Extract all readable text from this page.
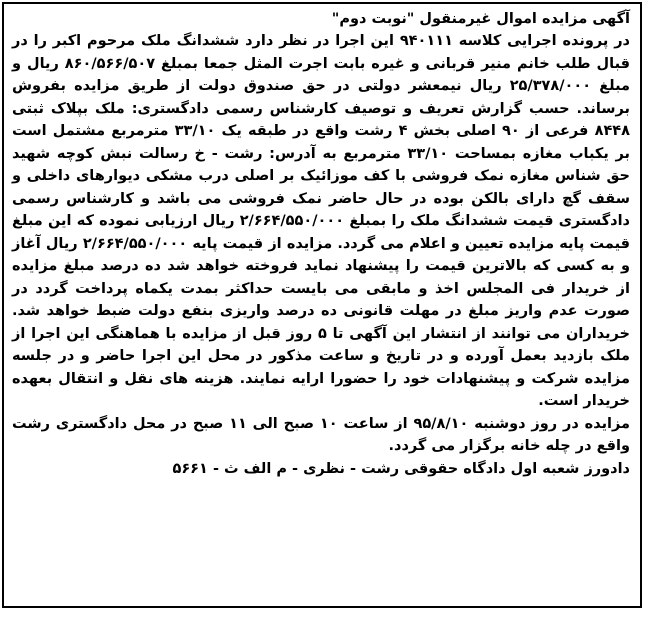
آگهی مزایده اموال غیرمنقول "نوبت دوم"

در پرونده اجرایی کلاسه ۹۴۰۱۱۱ این اجرا در نظر دارد ششدانگ ملک مرحوم اکبر را در قبال طلب خانم منیر قربانی و غیره بابت اجرت المثل جمعا بمبلغ ۸۶۰/۵۶۶/۵۰۷ ریال و مبلغ ۲۵/۳۷۸/۰۰۰ ریال نیمعشر دولتی در حق صندوق دولت از طریق مزایده بفروش برساند. حسب گزارش تعریف و توصیف کارشناس رسمی دادگستری: ملک بپلاک ثبتی ۸۴۴۸ فرعی از ۹۰ اصلی بخش ۴ رشت واقع در طبقه یک ۳۳/۱۰ مترمربع مشتمل است بر یکباب مغازه بمساحت ۳۳/۱۰ مترمربع به آدرس: رشت - خ رسالت نبش کوچه شهید حق شناس مغازه نمک فروشی با کف موزائیک بر اصلی درب مشکی دیوارهای داخلی و سقف گچ دارای بالکن بوده در حال حاضر نمک فروشی می باشد و کارشناس رسمی دادگستری قیمت ششدانگ ملک را بمبلغ ۲/۶۶۴/۵۵۰/۰۰۰ ریال ارزیابی نموده که این مبلغ قیمت پایه مزایده تعیین و اعلام می گردد. مزایده از قیمت پایه ۲/۶۶۴/۵۵۰/۰۰۰ ریال آغاز و به کسی که بالاترین قیمت را پیشنهاد نماید فروخته خواهد شد ده درصد مبلغ مزایده از خریدار فی المجلس اخذ و مابقی می بایست حداکثر بمدت یکماه پرداخت گردد در صورت عدم واریز مبلغ در مهلت قانونی ده درصد واریزی بنفع دولت ضبط خواهد شد. خریداران می توانند از انتشار این آگهی تا ۵ روز قبل از مزایده با هماهنگی این اجرا از ملک بازدید بعمل آورده و در تاریخ و ساعت مذکور در محل این اجرا حاضر و در جلسه مزایده شرکت و پیشنهادات خود را حضورا ارایه نمایند. هزینه های نقل و انتقال بعهده خریدار است.

مزایده در روز دوشنبه ۹۵/۸/۱۰ از ساعت ۱۰ صبح الی ۱۱ صبح در محل دادگستری رشت واقع در چله خانه برگزار می گردد.

دادورز شعبه اول دادگاه حقوقی رشت - نظری - م الف ث - ۵۶۶۱
